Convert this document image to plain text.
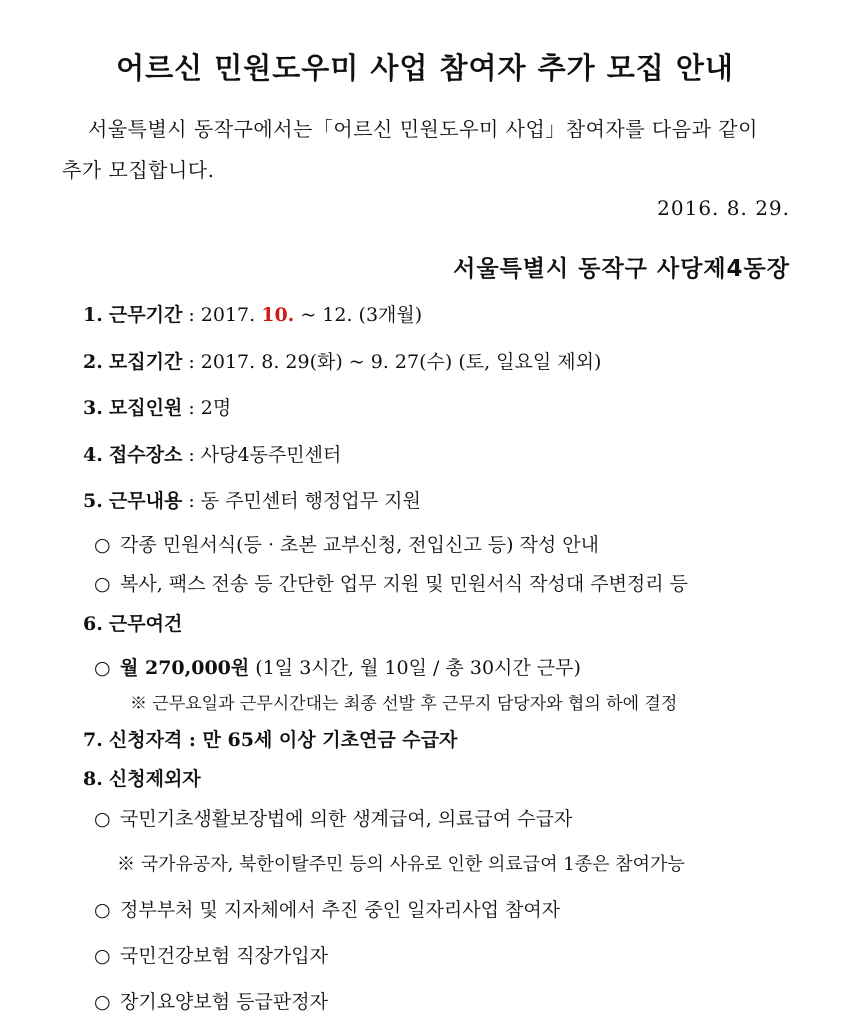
어르신 민원도우미 사업 참여자 추가 모집 안내
서울특별시 동작구에서는「어르신 민원도우미 사업」참여자를 다음과 같이
추가 모집합니다.
2016. 8. 29.
서울특별시 동작구 사당제4동장
1. 근무기간 : 2017. 10. ~ 12. (3개월)
2. 모집기간 : 2017. 8. 29(화) ~ 9. 27(수) (토, 일요일 제외)
3. 모집인원 : 2명
4. 접수장소 : 사당4동주민센터
5. 근무내용 : 동 주민센터 행정업무 지원
○ 각종 민원서식(등 · 초본 교부신청, 전입신고 등) 작성 안내
○ 복사, 팩스 전송 등 간단한 업무 지원 및 민원서식 작성대 주변정리 등
6. 근무여건
○ 월 270,000원 (1일 3시간, 월 10일 / 총 30시간 근무)
※ 근무요일과 근무시간대는 최종 선발 후 근무지 담당자와 협의 하에 결정
7. 신청자격 : 만 65세 이상 기초연금 수급자
8. 신청제외자
○ 국민기초생활보장법에 의한 생계급여, 의료급여 수급자
※ 국가유공자, 북한이탈주민 등의 사유로 인한 의료급여 1종은 참여가능
○ 정부부처 및 지자체에서 추진 중인 일자리사업 참여자
○ 국민건강보험 직장가입자
○ 장기요양보험 등급판정자
